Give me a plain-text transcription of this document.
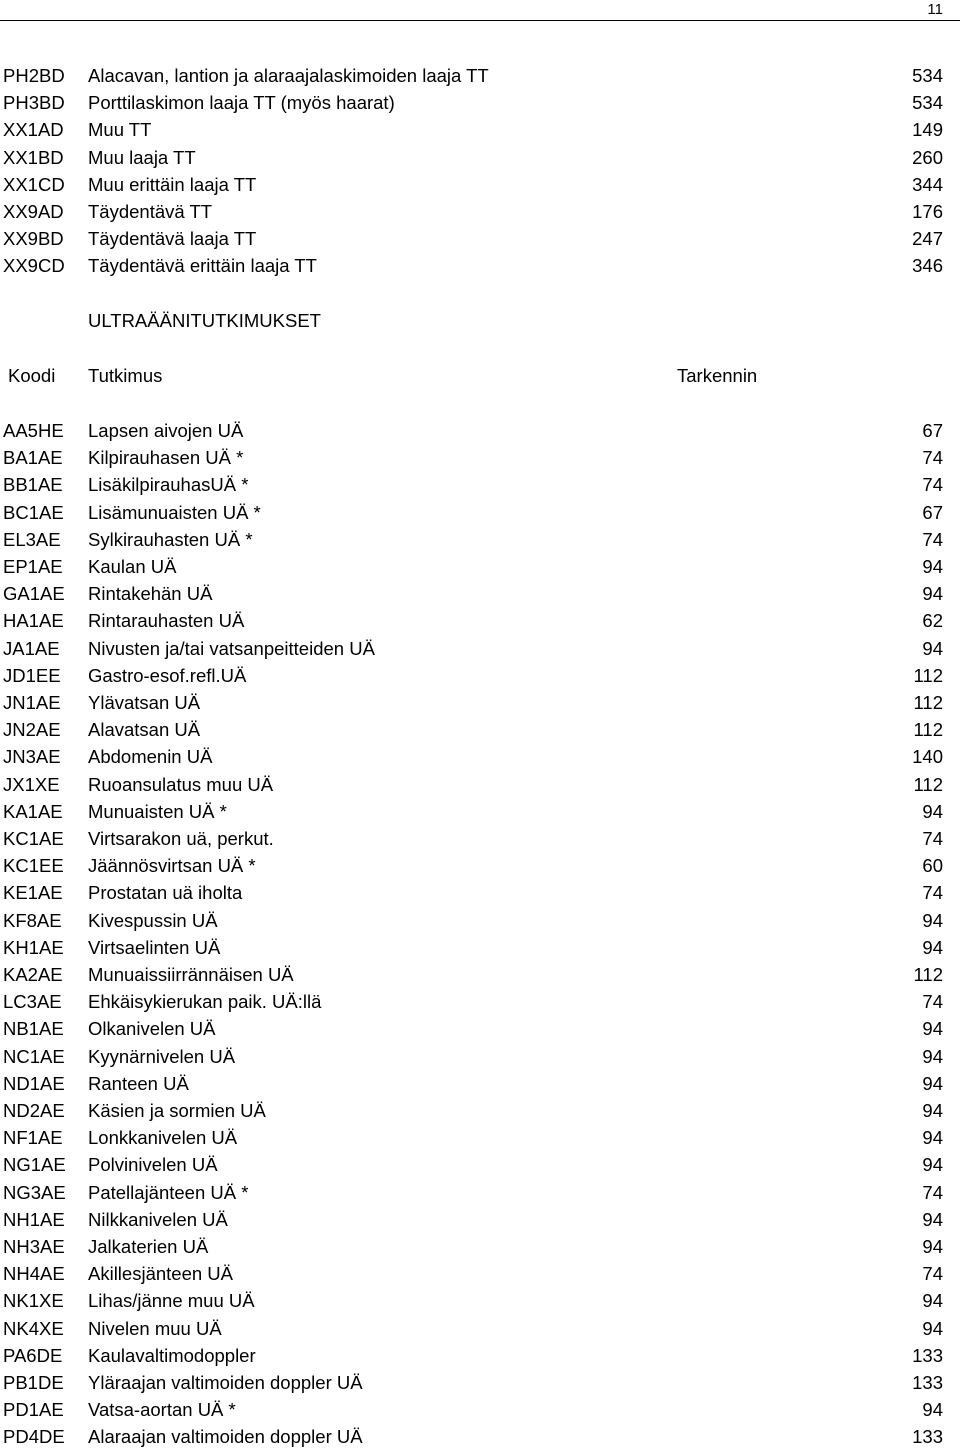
11
PH2BD Alacavan, lantion ja alaraajalaskimoiden laaja TT	534
PH3BD Porttilaskimon laaja TT (myös haarat)	534
XX1AD Muu TT	149
XX1BD Muu laaja TT	260
XX1CD Muu erittäin laaja TT	344
XX9AD Täydentävä TT	176
XX9BD Täydentävä laaja TT	247
XX9CD Täydentävä erittäin laaja TT	346
ULTRAÄÄNITUTKIMUKSET
Koodi Tutkimus	Tarkennin
AA5HE Lapsen aivojen UÄ	67
BA1AE Kilpirauhasen UÄ *	74
BB1AE LisäkilpirauhasUÄ *	74
BC1AE Lisämunuaisten UÄ *	67
EL3AE Sylkirauhasten UÄ *	74
EP1AE Kaulan UÄ	94
GA1AE Rintakehän UÄ	94
HA1AE Rintarauhasten UÄ	62
JA1AE Nivusten ja/tai vatsanpeitteiden UÄ	94
JD1EE Gastro-esof.refl.UÄ	112
JN1AE Ylävatsan UÄ	112
JN2AE Alavatsan UÄ	112
JN3AE Abdomenin UÄ	140
JX1XE Ruoansulatus muu UÄ	112
KA1AE Munuaisten UÄ *	94
KC1AE Virtsarakon uä, perkut.	74
KC1EE Jäännösvirtsan UÄ *	60
KE1AE Prostatan uä iholta	74
KF8AE Kivespussin UÄ	94
KH1AE Virtsaelinten UÄ	94
KA2AE Munuaissiirrännäisen UÄ	112
LC3AE Ehkäisykierukan paik. UÄ:llä	74
NB1AE Olkanivelen UÄ	94
NC1AE Kyynärnivelen UÄ	94
ND1AE Ranteen UÄ	94
ND2AE Käsien ja sormien UÄ	94
NF1AE Lonkkanivelen UÄ	94
NG1AE Polvinivelen UÄ	94
NG3AE Patellajänteen UÄ *	74
NH1AE Nilkkanivelen UÄ	94
NH3AE Jalkaterien UÄ	94
NH4AE Akillesjänteen UÄ	74
NK1XE Lihas/jänne muu UÄ	94
NK4XE Nivelen muu UÄ	94
PA6DE Kaulavaltimodoppler	133
PB1DE Yläraajan valtimoiden doppler UÄ	133
PD1AE Vatsa-aortan UÄ *	94
PD4DE Alaraajan valtimoiden doppler UÄ	133
